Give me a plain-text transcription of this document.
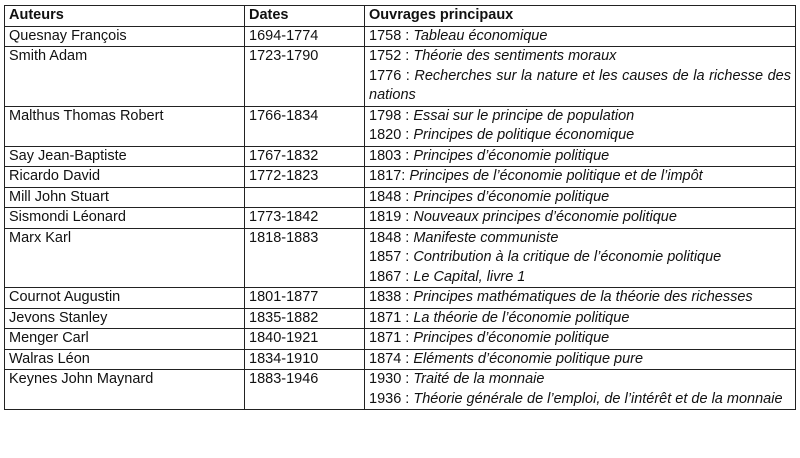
Auteurs	Dates	Ouvrages principaux
Quesnay François	1694-1774	1758 : Tableau économique

Smith Adam	1723-1790	1752 : Théorie des sentiments moraux
1776 : Recherches sur la nature et les causes de la richesse des nations

Malthus Thomas Robert	1766-1834	1798 : Essai sur le principe de population
1820 : Principes de politique économique

Say Jean-Baptiste	1767-1832	1803 : Principes d’économie politique

Ricardo David	1772-1823	1817: Principes de l’économie politique et de l’impôt

Mill John Stuart		1848 : Principes d’économie politique

Sismondi Léonard	1773-1842	1819 : Nouveaux principes d’économie politique

Marx Karl	1818-1883	1848 : Manifeste communiste
1857 : Contribution à la critique de l’économie politique
1867 : Le Capital, livre 1

Cournot Augustin	1801-1877	1838 : Principes mathématiques de la théorie des richesses

Jevons Stanley	1835-1882	1871 : La théorie de l’économie politique

Menger Carl	1840-1921	1871 : Principes d’économie politique

Walras Léon	1834-1910	1874 : Eléments d’économie politique pure

Keynes John Maynard	1883-1946	1930 : Traité de la monnaie
1936 : Théorie générale de l’emploi, de l’intérêt et de la monnaie
